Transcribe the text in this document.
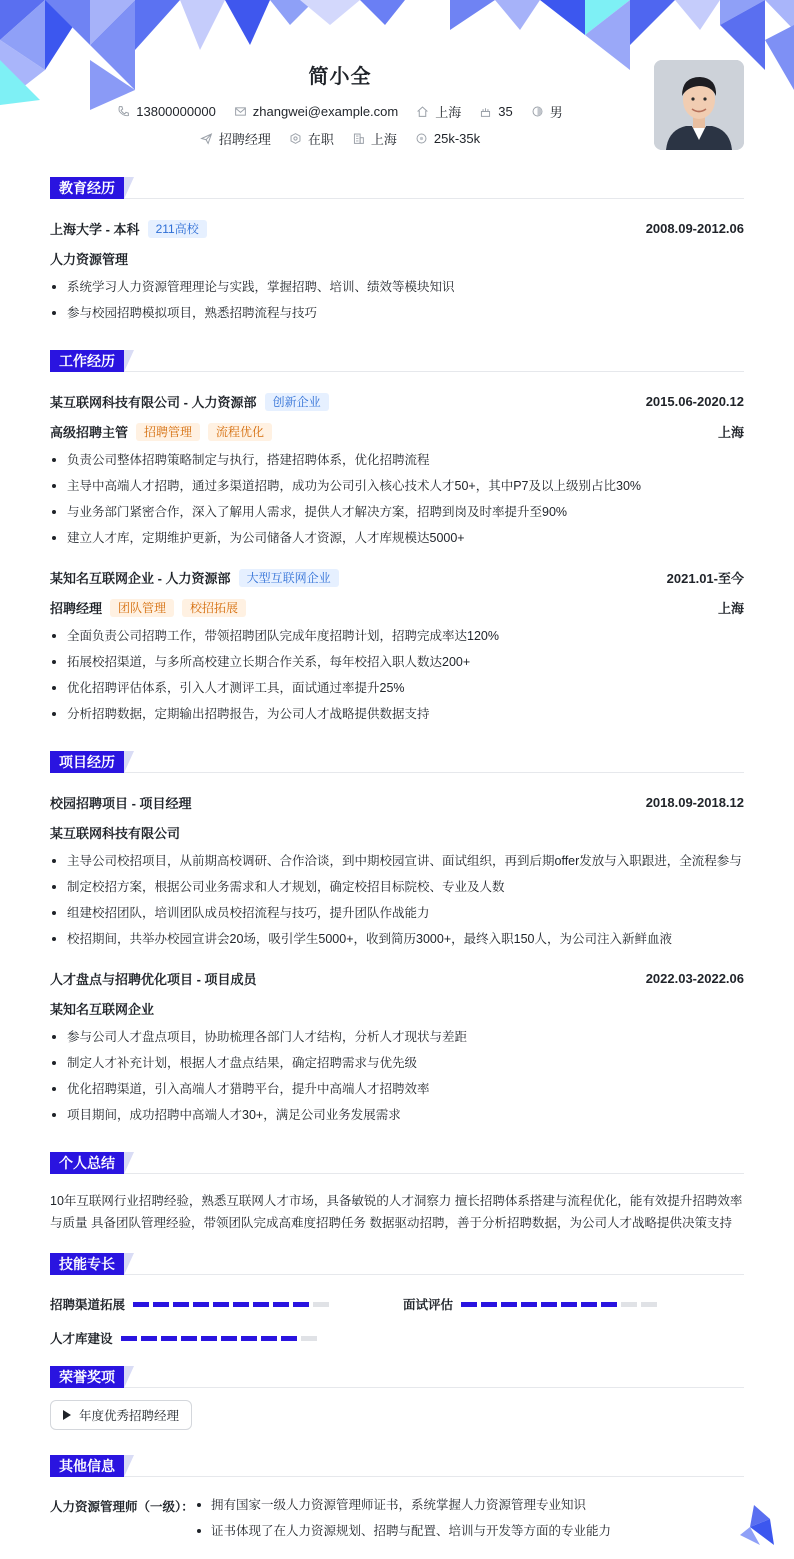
简小全
13800000000	zhangwei@example.com	上海	35	男
招聘经理	在职	上海	25k-35k
教育经历
上海大学 - 本科	211高校	2008.09-2012.06
人力资源管理
系统学习人力资源管理理论与实践，掌握招聘、培训、绩效等模块知识
参与校园招聘模拟项目，熟悉招聘流程与技巧
工作经历
某互联网科技有限公司 - 人力资源部	创新企业	2015.06-2020.12
高级招聘主管	招聘管理	流程优化	上海
负责公司整体招聘策略制定与执行，搭建招聘体系，优化招聘流程
主导中高端人才招聘，通过多渠道招聘，成功为公司引入核心技术人才50+，其中P7及以上级别占比30%
与业务部门紧密合作，深入了解用人需求，提供人才解决方案，招聘到岗及时率提升至90%
建立人才库，定期维护更新，为公司储备人才资源，人才库规模达5000+
某知名互联网企业 - 人力资源部	大型互联网企业	2021.01-至今
招聘经理	团队管理	校招拓展	上海
全面负责公司招聘工作，带领招聘团队完成年度招聘计划，招聘完成率达120%
拓展校招渠道，与多所高校建立长期合作关系，每年校招入职人数达200+
优化招聘评估体系，引入人才测评工具，面试通过率提升25%
分析招聘数据，定期输出招聘报告，为公司人才战略提供数据支持
项目经历
校园招聘项目 - 项目经理	2018.09-2018.12
某互联网科技有限公司
主导公司校招项目，从前期高校调研、合作洽谈，到中期校园宣讲、面试组织，再到后期offer发放与入职跟进，全流程参与
制定校招方案，根据公司业务需求和人才规划，确定校招目标院校、专业及人数
组建校招团队，培训团队成员校招流程与技巧，提升团队作战能力
校招期间，共举办校园宣讲会20场，吸引学生5000+，收到简历3000+，最终入职150人，为公司注入新鲜血液
人才盘点与招聘优化项目 - 项目成员	2022.03-2022.06
某知名互联网企业
参与公司人才盘点项目，协助梳理各部门人才结构，分析人才现状与差距
制定人才补充计划，根据人才盘点结果，确定招聘需求与优先级
优化招聘渠道，引入高端人才猎聘平台，提升中高端人才招聘效率
项目期间，成功招聘中高端人才30+，满足公司业务发展需求
个人总结
10年互联网行业招聘经验，熟悉互联网人才市场，具备敏锐的人才洞察力 擅长招聘体系搭建与流程优化，能有效提升招聘效率与质量 具备团队管理经验，带领团队完成高难度招聘任务 数据驱动招聘，善于分析招聘数据，为公司人才战略提供决策支持
技能专长
招聘渠道拓展	面试评估
人才库建设
荣誉奖项
年度优秀招聘经理
其他信息
人力资源管理师（一级）：	拥有国家一级人力资源管理师证书，系统掌握人力资源管理专业知识
证书体现了在人力资源规划、招聘与配置、培训与开发等方面的专业能力
